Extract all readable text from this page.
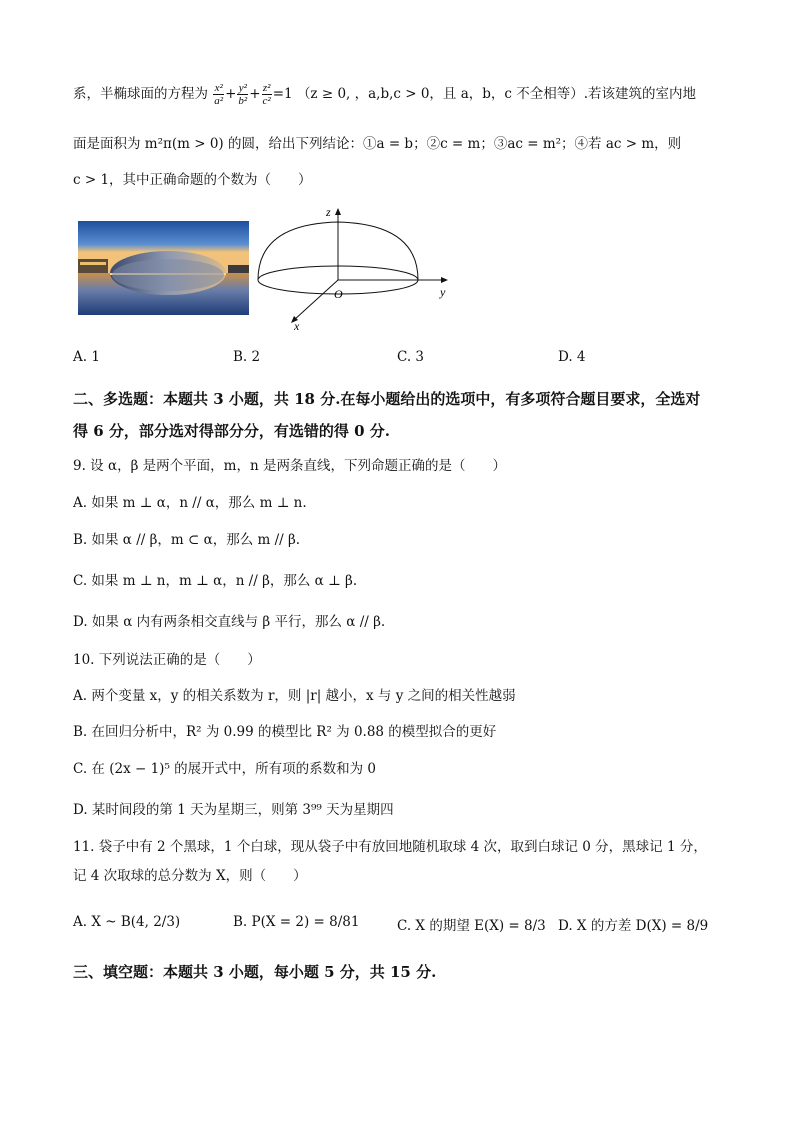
系，半椭球面的方程为 $\frac{\text{x²}}{\text{a²}} + \frac{\text{y²}}{\text{b²}} + \frac{\text{z²}}{\text{c²}} =1$ （z ≥ 0, ，a,b,c > 0，且 a，b，c 不全相等）.若该建筑的室内地
面是面积为 m²π(m > 0) 的圆，给出下列结论：①a = b；②c = m；③ac = m²；④若 ac > m，则
c > 1，其中正确命题的个数为（　　）
z
y
x
O
A. 1	B. 2	C. 3	D. 4
二、多选题：本题共 3 小题，共 18 分.在每小题给出的选项中，有多项符合题目要求，全选对
得 6 分，部分选对得部分分，有选错的得 0 分.
9. 设 α，β 是两个平面，m，n 是两条直线，下列命题正确的是（　　）
A. 如果 m ⊥ α，n // α，那么 m ⊥ n.
B. 如果 α // β，m ⊂ α，那么 m // β.
C. 如果 m ⊥ n，m ⊥ α，n // β，那么 α ⊥ β.
D. 如果 α 内有两条相交直线与 β 平行，那么 α // β.
10. 下列说法正确的是（　　）
A. 两个变量 x，y 的相关系数为 r，则 |r| 越小，x 与 y 之间的相关性越弱
B. 在回归分析中，R² 为 0.99 的模型比 R² 为 0.88 的模型拟合的更好
C. 在 (2x − 1)⁵ 的展开式中，所有项的系数和为 0
D. 某时间段的第 1 天为星期三，则第 3⁹⁹ 天为星期四
11. 袋子中有 2 个黑球，1 个白球，现从袋子中有放回地随机取球 4 次，取到白球记 0 分，黑球记 1 分，
记 4 次取球的总分数为 X，则（　　）
A. X ~ B(4, 2/3)	B. P(X = 2) = 8/81	C. X 的期望 E(X) = 8/3 D. X 的方差 D(X) = 8/9
三、填空题：本题共 3 小题，每小题 5 分，共 15 分.
